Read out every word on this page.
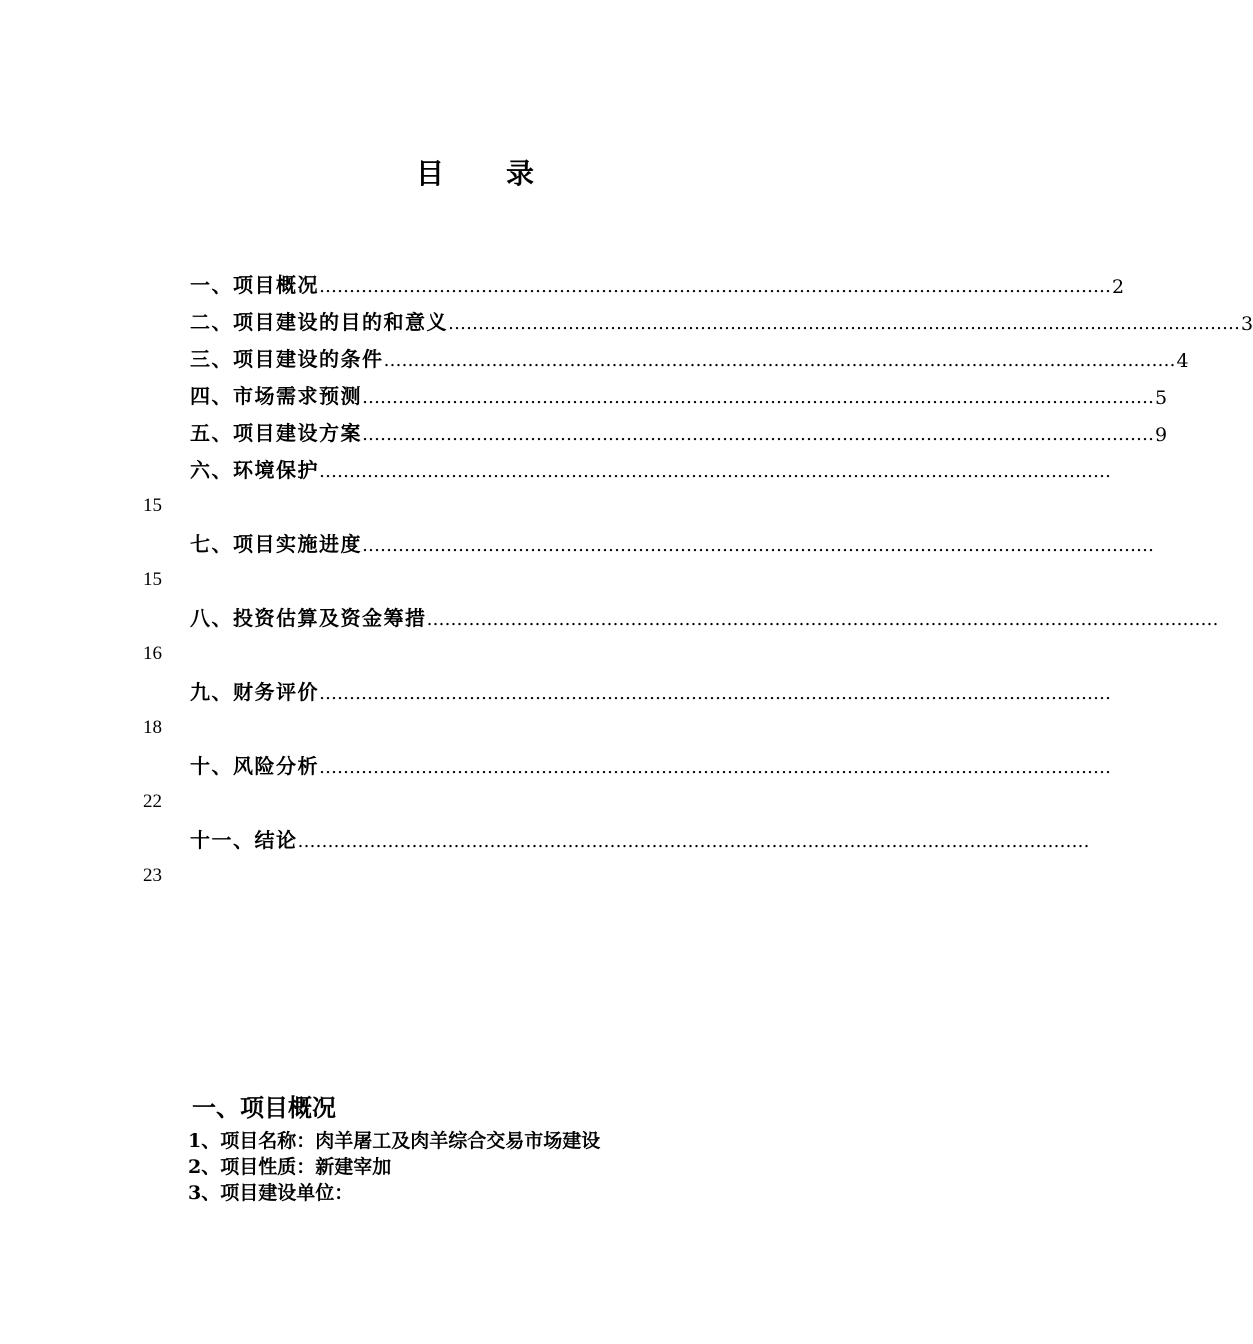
目 录
一、项目概况 …………………………………………………………………………………………………………………… 2
二、项目建设的目的和意义 …………………………………………………………………………………………………………………… 3
三、项目建设的条件 …………………………………………………………………………………………………………………… 4
四、市场需求预测 …………………………………………………………………………………………………………………… 5
五、项目建设方案 …………………………………………………………………………………………………………………… 9
六、环境保护 ……………………………………………………………………………………………………………………
15
七、项目实施进度 ……………………………………………………………………………………………………………………
15
八、投资估算及资金筹措 ……………………………………………………………………………………………………………………
16
九、财务评价 ……………………………………………………………………………………………………………………
18
十、风险分析 ……………………………………………………………………………………………………………………
22
十一、结论 ……………………………………………………………………………………………………………………
23
一、项目概况
1、项目名称：肉羊屠工及肉羊综合交易市场建设
2、项目性质：新建宰加
3、项目建设单位：
